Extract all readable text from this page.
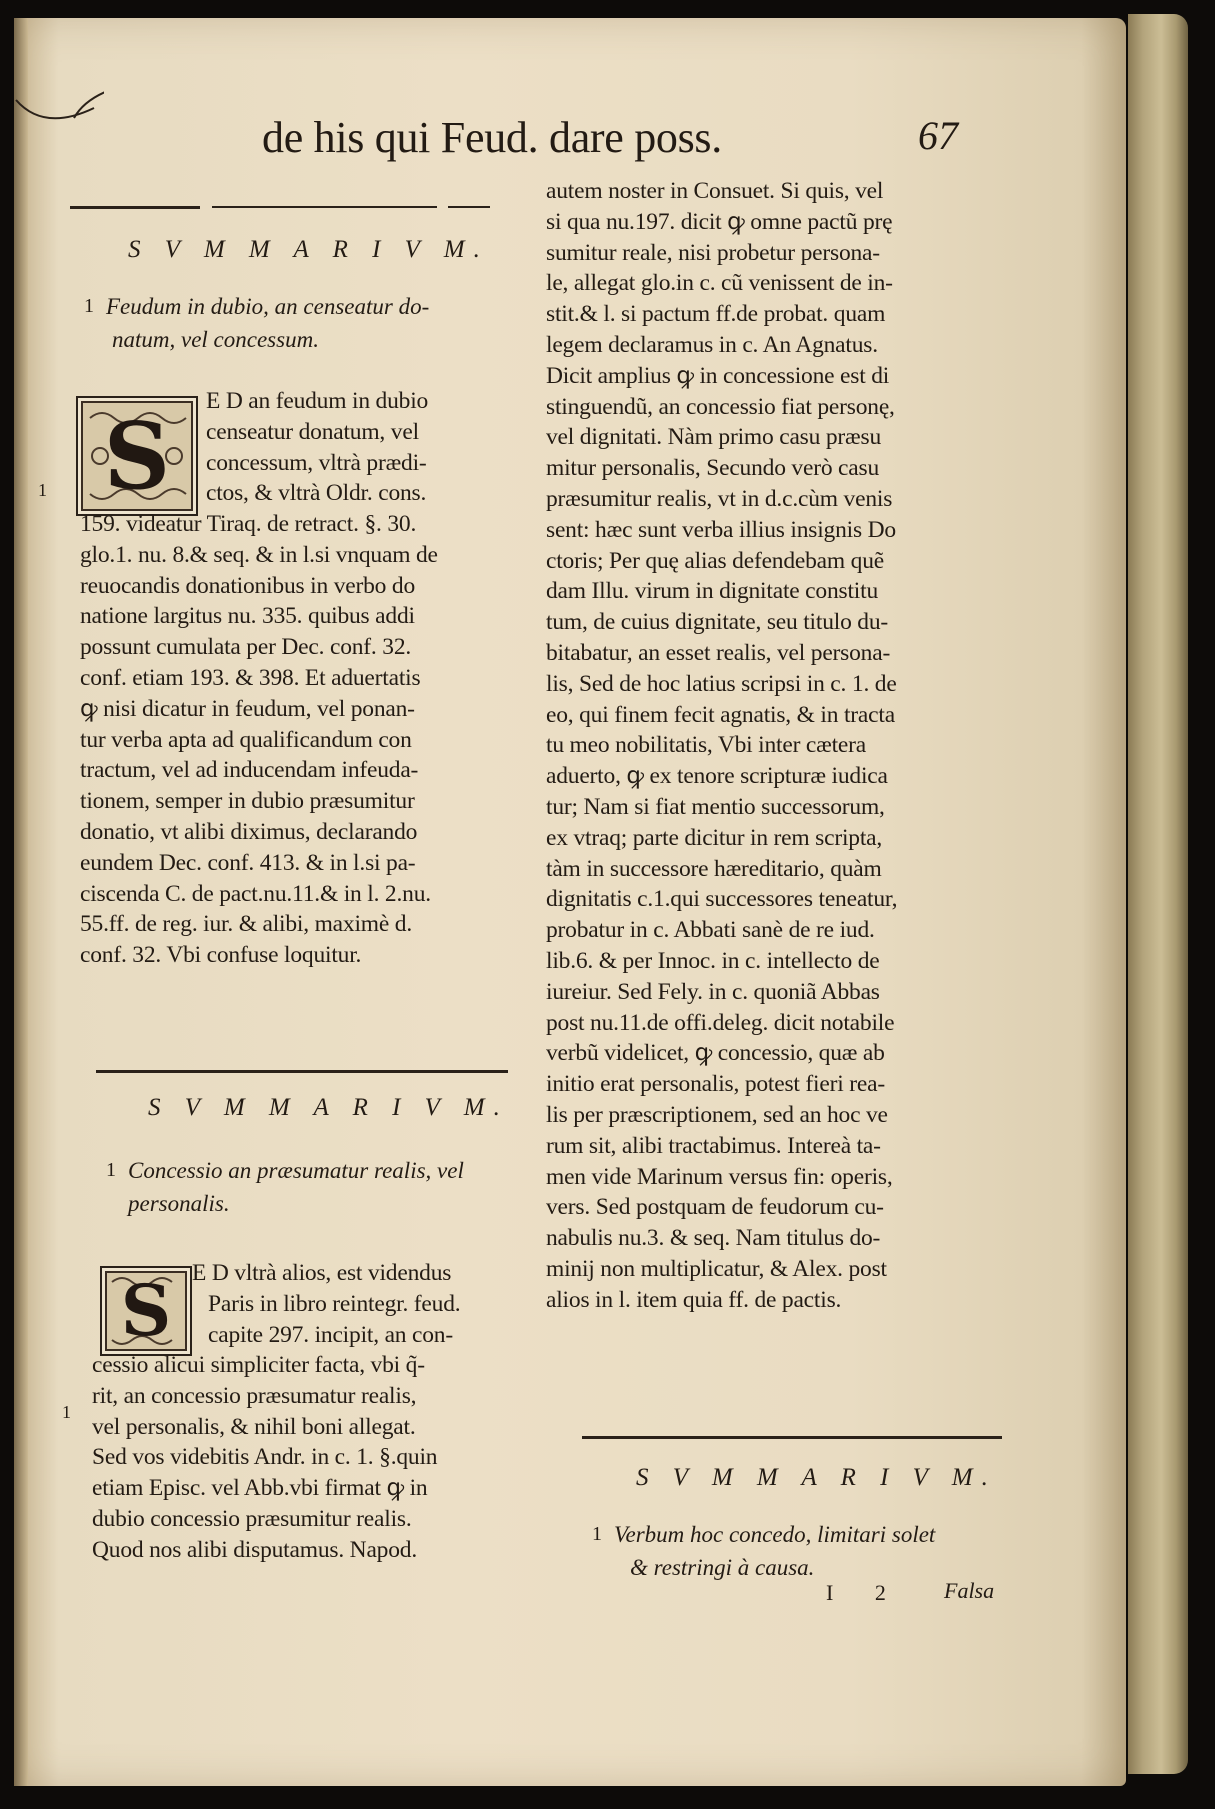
de his qui Feud. dare poss.	67
S V M M A R I V M.
1 Feudum in dubio, an censeatur do-
natum, vel concessum.
S
E D an feudum in dubio
censeatur donatum, vel
concessum, vltrà prædi-
ctos, & vltrà Oldr. cons.
159. videatur Tiraq. de retract. §. 30.
glo.1. nu. 8.& seq. & in l.si vnquam de
reuocandis donationibus in verbo do
natione largitus nu. 335. quibus addi
possunt cumulata per Dec. conf. 32.
conf. etiam 193. & 398. Et aduertatis
ꝙ nisi dicatur in feudum, vel ponan-
tur verba apta ad qualificandum con
tractum, vel ad inducendam infeuda-
tionem, semper in dubio præsumitur
donatio, vt alibi diximus, declarando
eundem Dec. conf. 413. & in l.si pa-
ciscenda C. de pact.nu.11.& in l. 2.nu.
55.ff. de reg. iur. & alibi, maximè d.
conf. 32. Vbi confuse loquitur.
1
S V M M A R I V M.
1 Concessio an præsumatur realis, vel
personalis.
S E D vltrà alios, est videndus
Paris in libro reintegr. feud.
capite 297. incipit, an con-
cessio alicui simpliciter facta, vbi q̃-
rit, an concessio præsumatur realis,
vel personalis, & nihil boni allegat.
Sed vos videbitis Andr. in c. 1. §.quin
etiam Episc. vel Abb.vbi firmat ꝙ in
dubio concessio præsumitur realis.
Quod nos alibi disputamus. Napod.
1
autem noster in Consuet. Si quis, vel
si qua nu.197. dicit ꝙ omne pactũ prę
sumitur reale, nisi probetur persona-
le, allegat glo.in c. cũ venissent de in-
stit.& l. si pactum ff.de probat. quam
legem declaramus in c. An Agnatus.
Dicit amplius ꝙ in concessione est di
stinguendũ, an concessio fiat personę,
vel dignitati. Nàm primo casu præsu
mitur personalis, Secundo verò casu
præsumitur realis, vt in d.c.cùm venis
sent: hæc sunt verba illius insignis Do
ctoris; Per quę alias defendebam quẽ
dam Illu. virum in dignitate constitu
tum, de cuius dignitate, seu titulo du-
bitabatur, an esset realis, vel persona-
lis, Sed de hoc latius scripsi in c. 1. de
eo, qui finem fecit agnatis, & in tracta
tu meo nobilitatis, Vbi inter cætera
aduerto, ꝙ ex tenore scripturæ iudica
tur; Nam si fiat mentio successorum,
ex vtraq; parte dicitur in rem scripta,
tàm in successore hæreditario, quàm
dignitatis c.1.qui successores teneatur,
probatur in c. Abbati sanè de re iud.
lib.6. & per Innoc. in c. intellecto de
iureiur. Sed Fely. in c. quoniã Abbas
post nu.11.de offi.deleg. dicit notabile
verbũ videlicet, ꝙ concessio, quæ ab
initio erat personalis, potest fieri rea-
lis per præscriptionem, sed an hoc ve
rum sit, alibi tractabimus. Intereà ta-
men vide Marinum versus fin: operis,
vers. Sed postquam de feudorum cu-
nabulis nu.3. & seq. Nam titulus do-
minij non multiplicatur, & Alex. post
alios in l. item quia ff. de pactis.
S V M M A R I V M.
1 Verbum hoc concedo, limitari solet
& restringi à causa.
I 2 Falsa
